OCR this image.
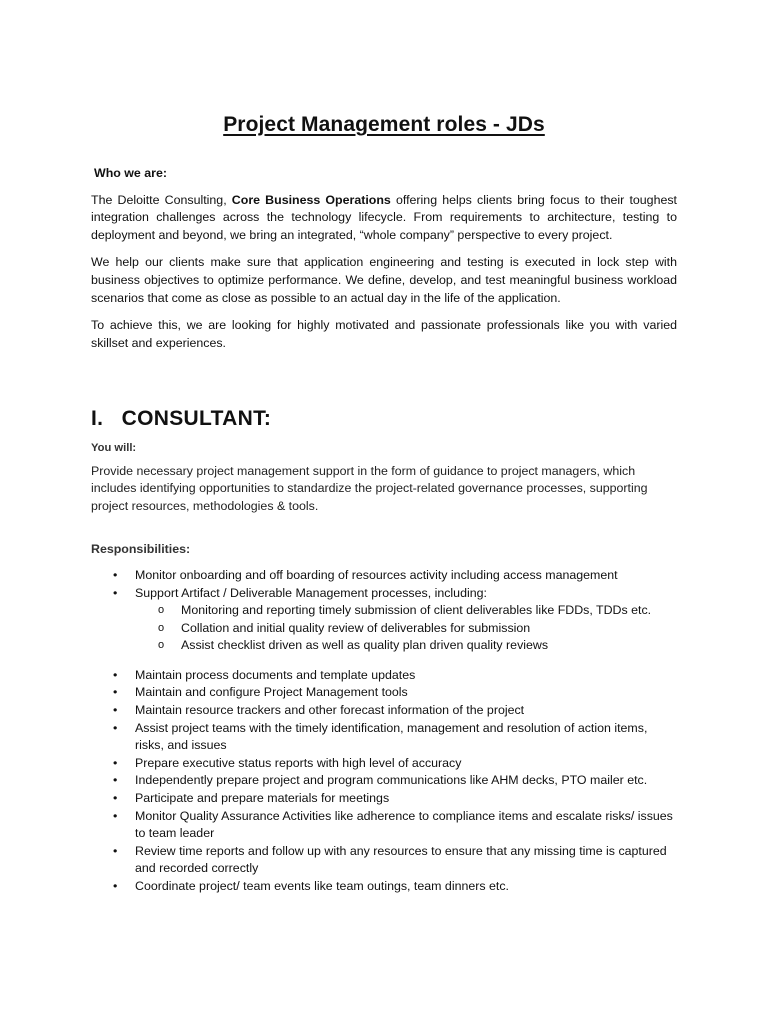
Project Management roles - JDs
Who we are:

The Deloitte Consulting, Core Business Operations offering helps clients bring focus to their toughest integration challenges across the technology lifecycle. From requirements to architecture, testing to deployment and beyond, we bring an integrated, “whole company” perspective to every project.

We help our clients make sure that application engineering and testing is executed in lock step with business objectives to optimize performance. We define, develop, and test meaningful business workload scenarios that come as close as possible to an actual day in the life of the application.

To achieve this, we are looking for highly motivated and passionate professionals like you with varied skillset and experiences.

I.   CONSULTANT:
You will:
Provide necessary project management support in the form of guidance to project managers, which includes identifying opportunities to standardize the project-related governance processes, supporting project resources, methodologies & tools.
Responsibilities:
• Monitor onboarding and off boarding of resources activity including access management
• Support Artifact / Deliverable Management processes, including:
o Monitoring and reporting timely submission of client deliverables like FDDs, TDDs etc.
o Collation and initial quality review of deliverables for submission
o Assist checklist driven as well as quality plan driven quality reviews
• Maintain process documents and template updates
• Maintain and configure Project Management tools
• Maintain resource trackers and other forecast information of the project
• Assist project teams with the timely identification, management and resolution of action items, risks, and issues
• Prepare executive status reports with high level of accuracy
• Independently prepare project and program communications like AHM decks, PTO mailer etc.
• Participate and prepare materials for meetings
• Monitor Quality Assurance Activities like adherence to compliance items and escalate risks/ issues to team leader
• Review time reports and follow up with any resources to ensure that any missing time is captured and recorded correctly
• Coordinate project/ team events like team outings, team dinners etc.
